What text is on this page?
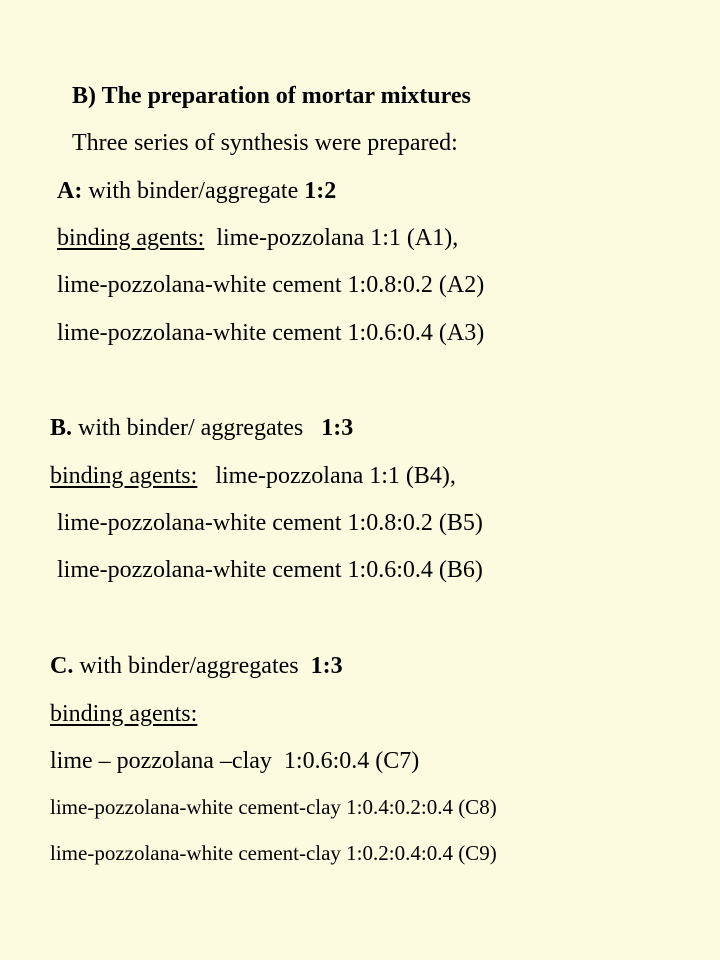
B) The preparation of mortar mixtures
Three series of synthesis were prepared:
A: with binder/aggregate 1:2
binding agents: lime-pozzolana 1:1 (A1),
lime-pozzolana-white cement 1:0.8:0.2 (A2)
lime-pozzolana-white cement 1:0.6:0.4 (A3)
B. with binder/ aggregates 1:3
binding agents: lime-pozzolana 1:1 (B4),
lime-pozzolana-white cement 1:0.8:0.2 (B5)
lime-pozzolana-white cement 1:0.6:0.4 (B6)
C. with binder/aggregates 1:3
binding agents:
lime – pozzolana –clay  1:0.6:0.4 (C7)
lime-pozzolana-white cement-clay 1:0.4:0.2:0.4 (C8)
lime-pozzolana-white cement-clay 1:0.2:0.4:0.4 (C9)
